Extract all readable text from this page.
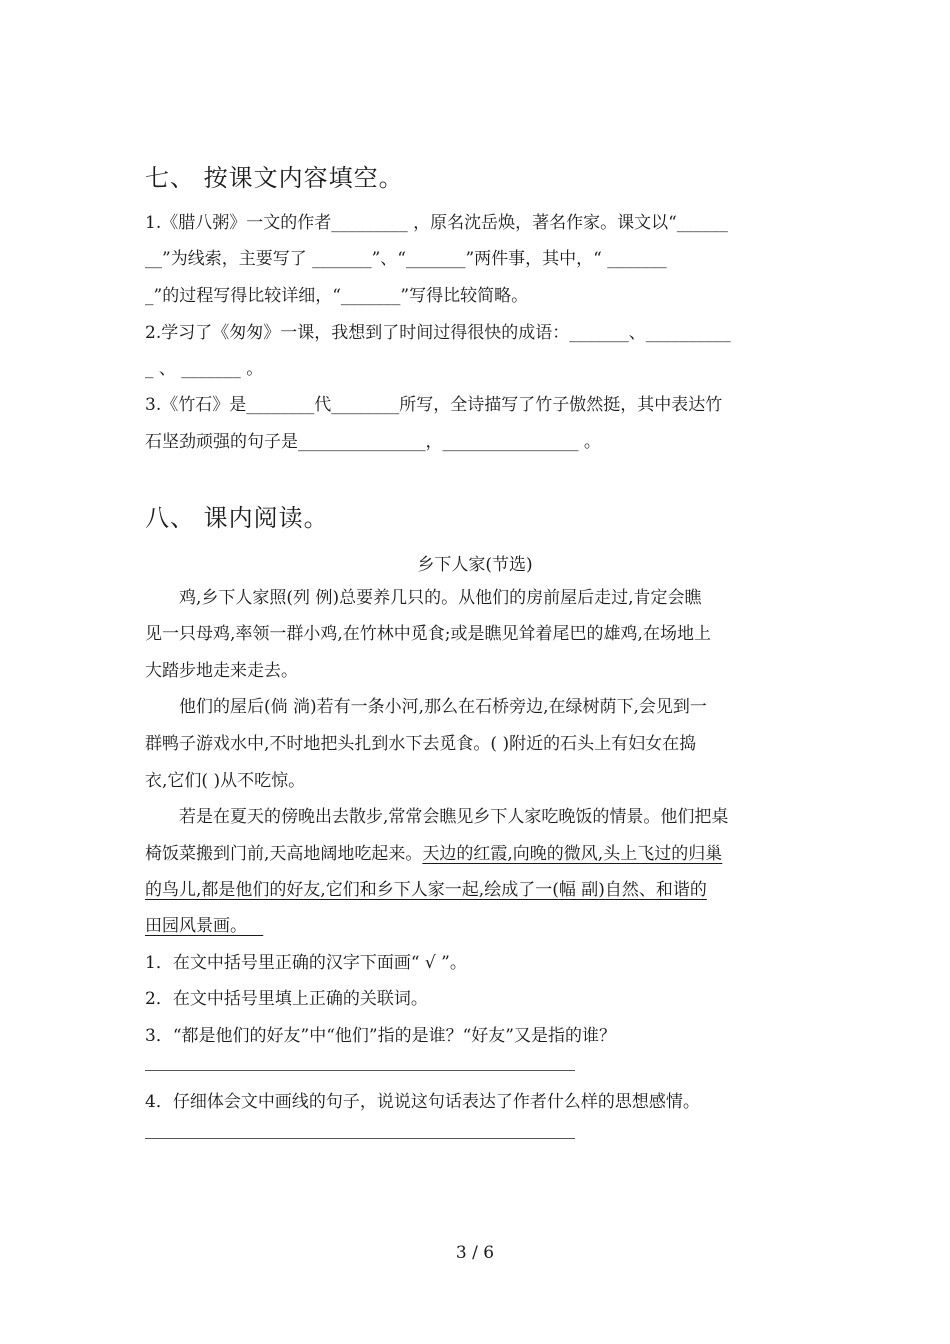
七、 按课文内容填空。
1.《腊八粥》一文的作者_________ ，原名沈岳焕，著名作家。课文以“______
__”为线索，主要写了 _______”、“_______”两件事，其中，“ _______
_”的过程写得比较详细，“_______”写得比较简略。
2.学习了《匆匆》一课，我想到了时间过得很快的成语：_______、__________
_ 、 _______ 。
3.《竹石》是________代________所写，全诗描写了竹子傲然挺，其中表达竹
石坚劲顽强的句子是_______________，________________ 。
八、 课内阅读。
乡下人家(节选)
鸡,乡下人家照(列 例)总要养几只的。从他们的房前屋后走过,肯定会瞧
见一只母鸡,率领一群小鸡,在竹林中觅食;或是瞧见耸着尾巴的雄鸡,在场地上
大踏步地走来走去。
他们的屋后(倘 淌)若有一条小河,那么在石桥旁边,在绿树荫下,会见到一
群鸭子游戏水中,不时地把头扎到水下去觅食。( )附近的石头上有妇女在捣
衣,它们( )从不吃惊。
若是在夏天的傍晚出去散步,常常会瞧见乡下人家吃晚饭的情景。他们把桌
椅饭菜搬到门前,天高地阔地吃起来。天边的红霞,向晚的微风,头上飞过的归巢
的鸟儿,都是他们的好友,它们和乡下人家一起,绘成了一(幅 副)自然、和谐的
田园风景画。
1．在文中括号里正确的汉字下面画“ √ ”。
2．在文中括号里填上正确的关联词。
3．“都是他们的好友”中“他们”指的是谁？“好友”又是指的谁？
4．仔细体会文中画线的句子，说说这句话表达了作者什么样的思想感情。
3 / 6
